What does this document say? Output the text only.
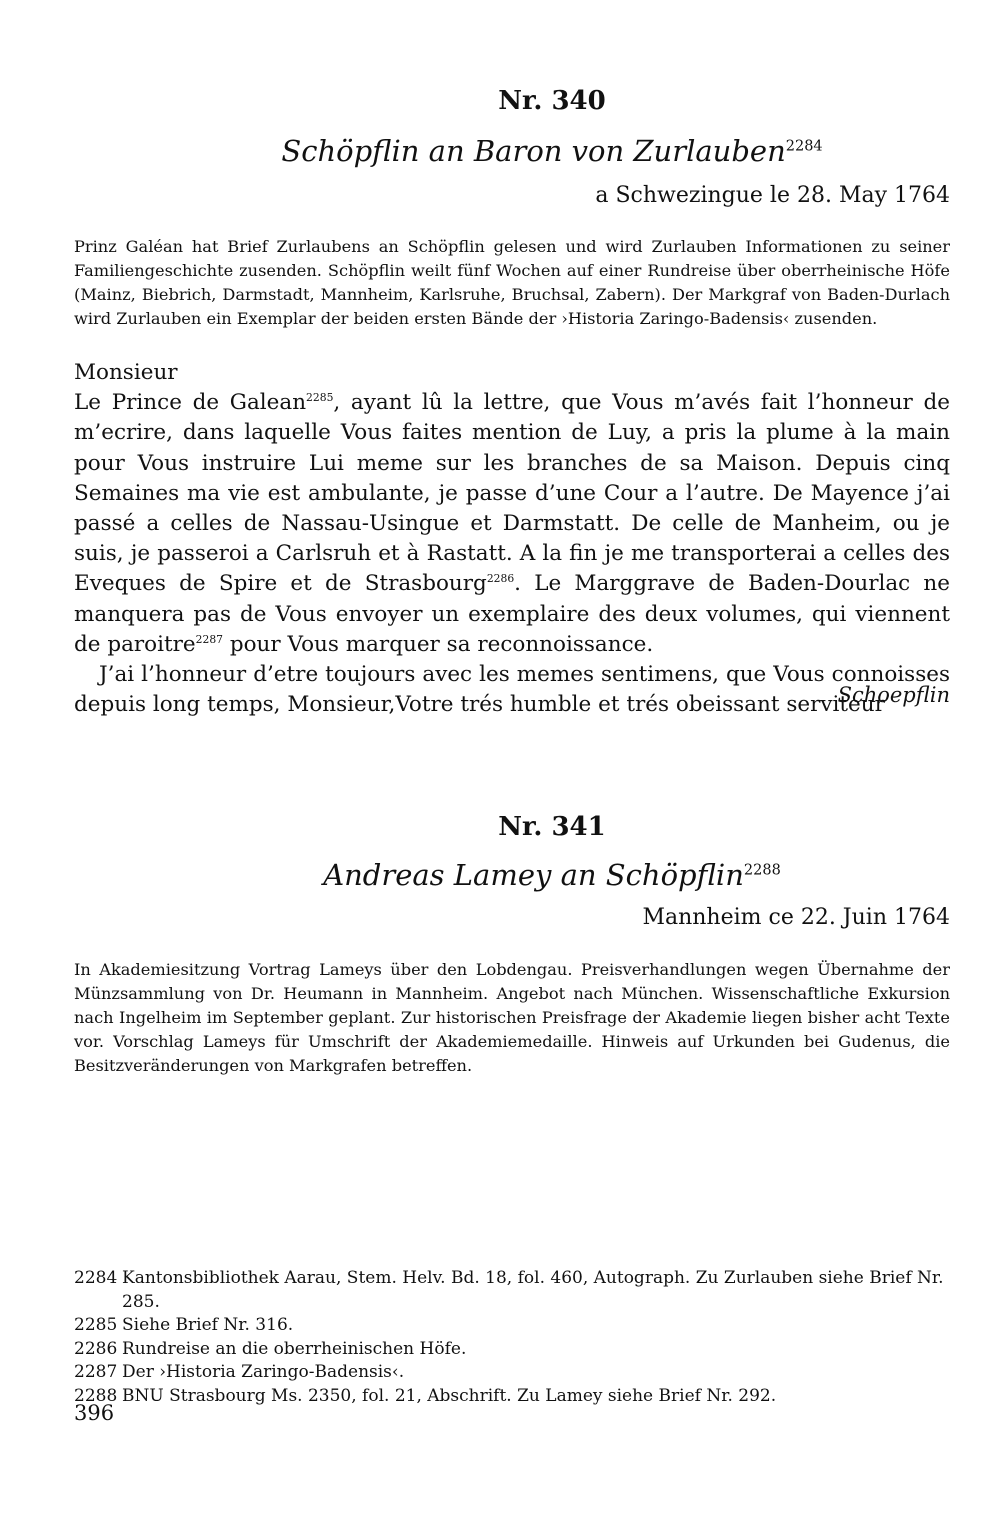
Nr. 340
Schöpflin an Baron von Zurlauben$^{2284}$
a Schwezingue le 28. May 1764
Prinz Galéan hat Brief Zurlaubens an Schöpflin gelesen und wird Zurlauben Informationen zu seiner Familiengeschichte zusenden. Schöpflin weilt fünf Wochen auf einer Rundreise über oberrheinische Höfe (Mainz, Biebrich, Darmstadt, Mannheim, Karlsruhe, Bruchsal, Zabern). Der Markgraf von Baden-Durlach wird Zurlauben ein Exemplar der beiden ersten Bände der ›Historia Zaringo-Badensis‹ zusenden.

Monsieur

Le Prince de Galean$^{2285}$, ayant lû la lettre, que Vous m’avés fait l’honneur de m’ecrire, dans laquelle Vous faites mention de Luy, a pris la plume à la main pour Vous instruire Lui meme sur les branches de sa Maison. Depuis cinq Semaines ma vie est ambulante, je passe d’une Cour a l’autre. De Mayence j’ai passé a celles de Nassau-Usingue et Darmstatt. De celle de Manheim, ou je suis, je passeroi a Carlsruh et à Rastatt. A la fin je me transporterai a celles des Eveques de Spire et de Strasbourg$^{2286}$. Le Marggrave de Baden-Dourlac ne manquera pas de Vous envoyer un exemplaire des deux volumes, qui viennent de paroitre$^{2287}$ pour Vous marquer sa reconnoissance.

J’ai l’honneur d’etre toujours avec les memes sentimens, que Vous connoisses depuis long temps, Monsieur,Votre trés humble et trés obeissant serviteur

Schoepflin
Nr. 341
Andreas Lamey an Schöpflin$^{2288}$
Mannheim ce 22. Juin 1764
In Akademiesitzung Vortrag Lameys über den Lobdengau. Preisverhandlungen wegen Übernahme der Münzsammlung von Dr. Heumann in Mannheim. Angebot nach München. Wissenschaftliche Exkursion nach Ingelheim im September geplant. Zur historischen Preisfrage der Akademie liegen bisher acht Texte vor. Vorschlag Lameys für Umschrift der Akademiemedaille. Hinweis auf Urkunden bei Gudenus, die Besitzveränderungen von Markgrafen betreffen.
2284 Kantonsbibliothek Aarau, Stem. Helv. Bd. 18, fol. 460, Autograph. Zu Zurlauben siehe Brief Nr. 285.
2285 Siehe Brief Nr. 316.
2286 Rundreise an die oberrheinischen Höfe.
2287 Der ›Historia Zaringo-Badensis‹.
2288 BNU Strasbourg Ms. 2350, fol. 21, Abschrift. Zu Lamey siehe Brief Nr. 292.
396
